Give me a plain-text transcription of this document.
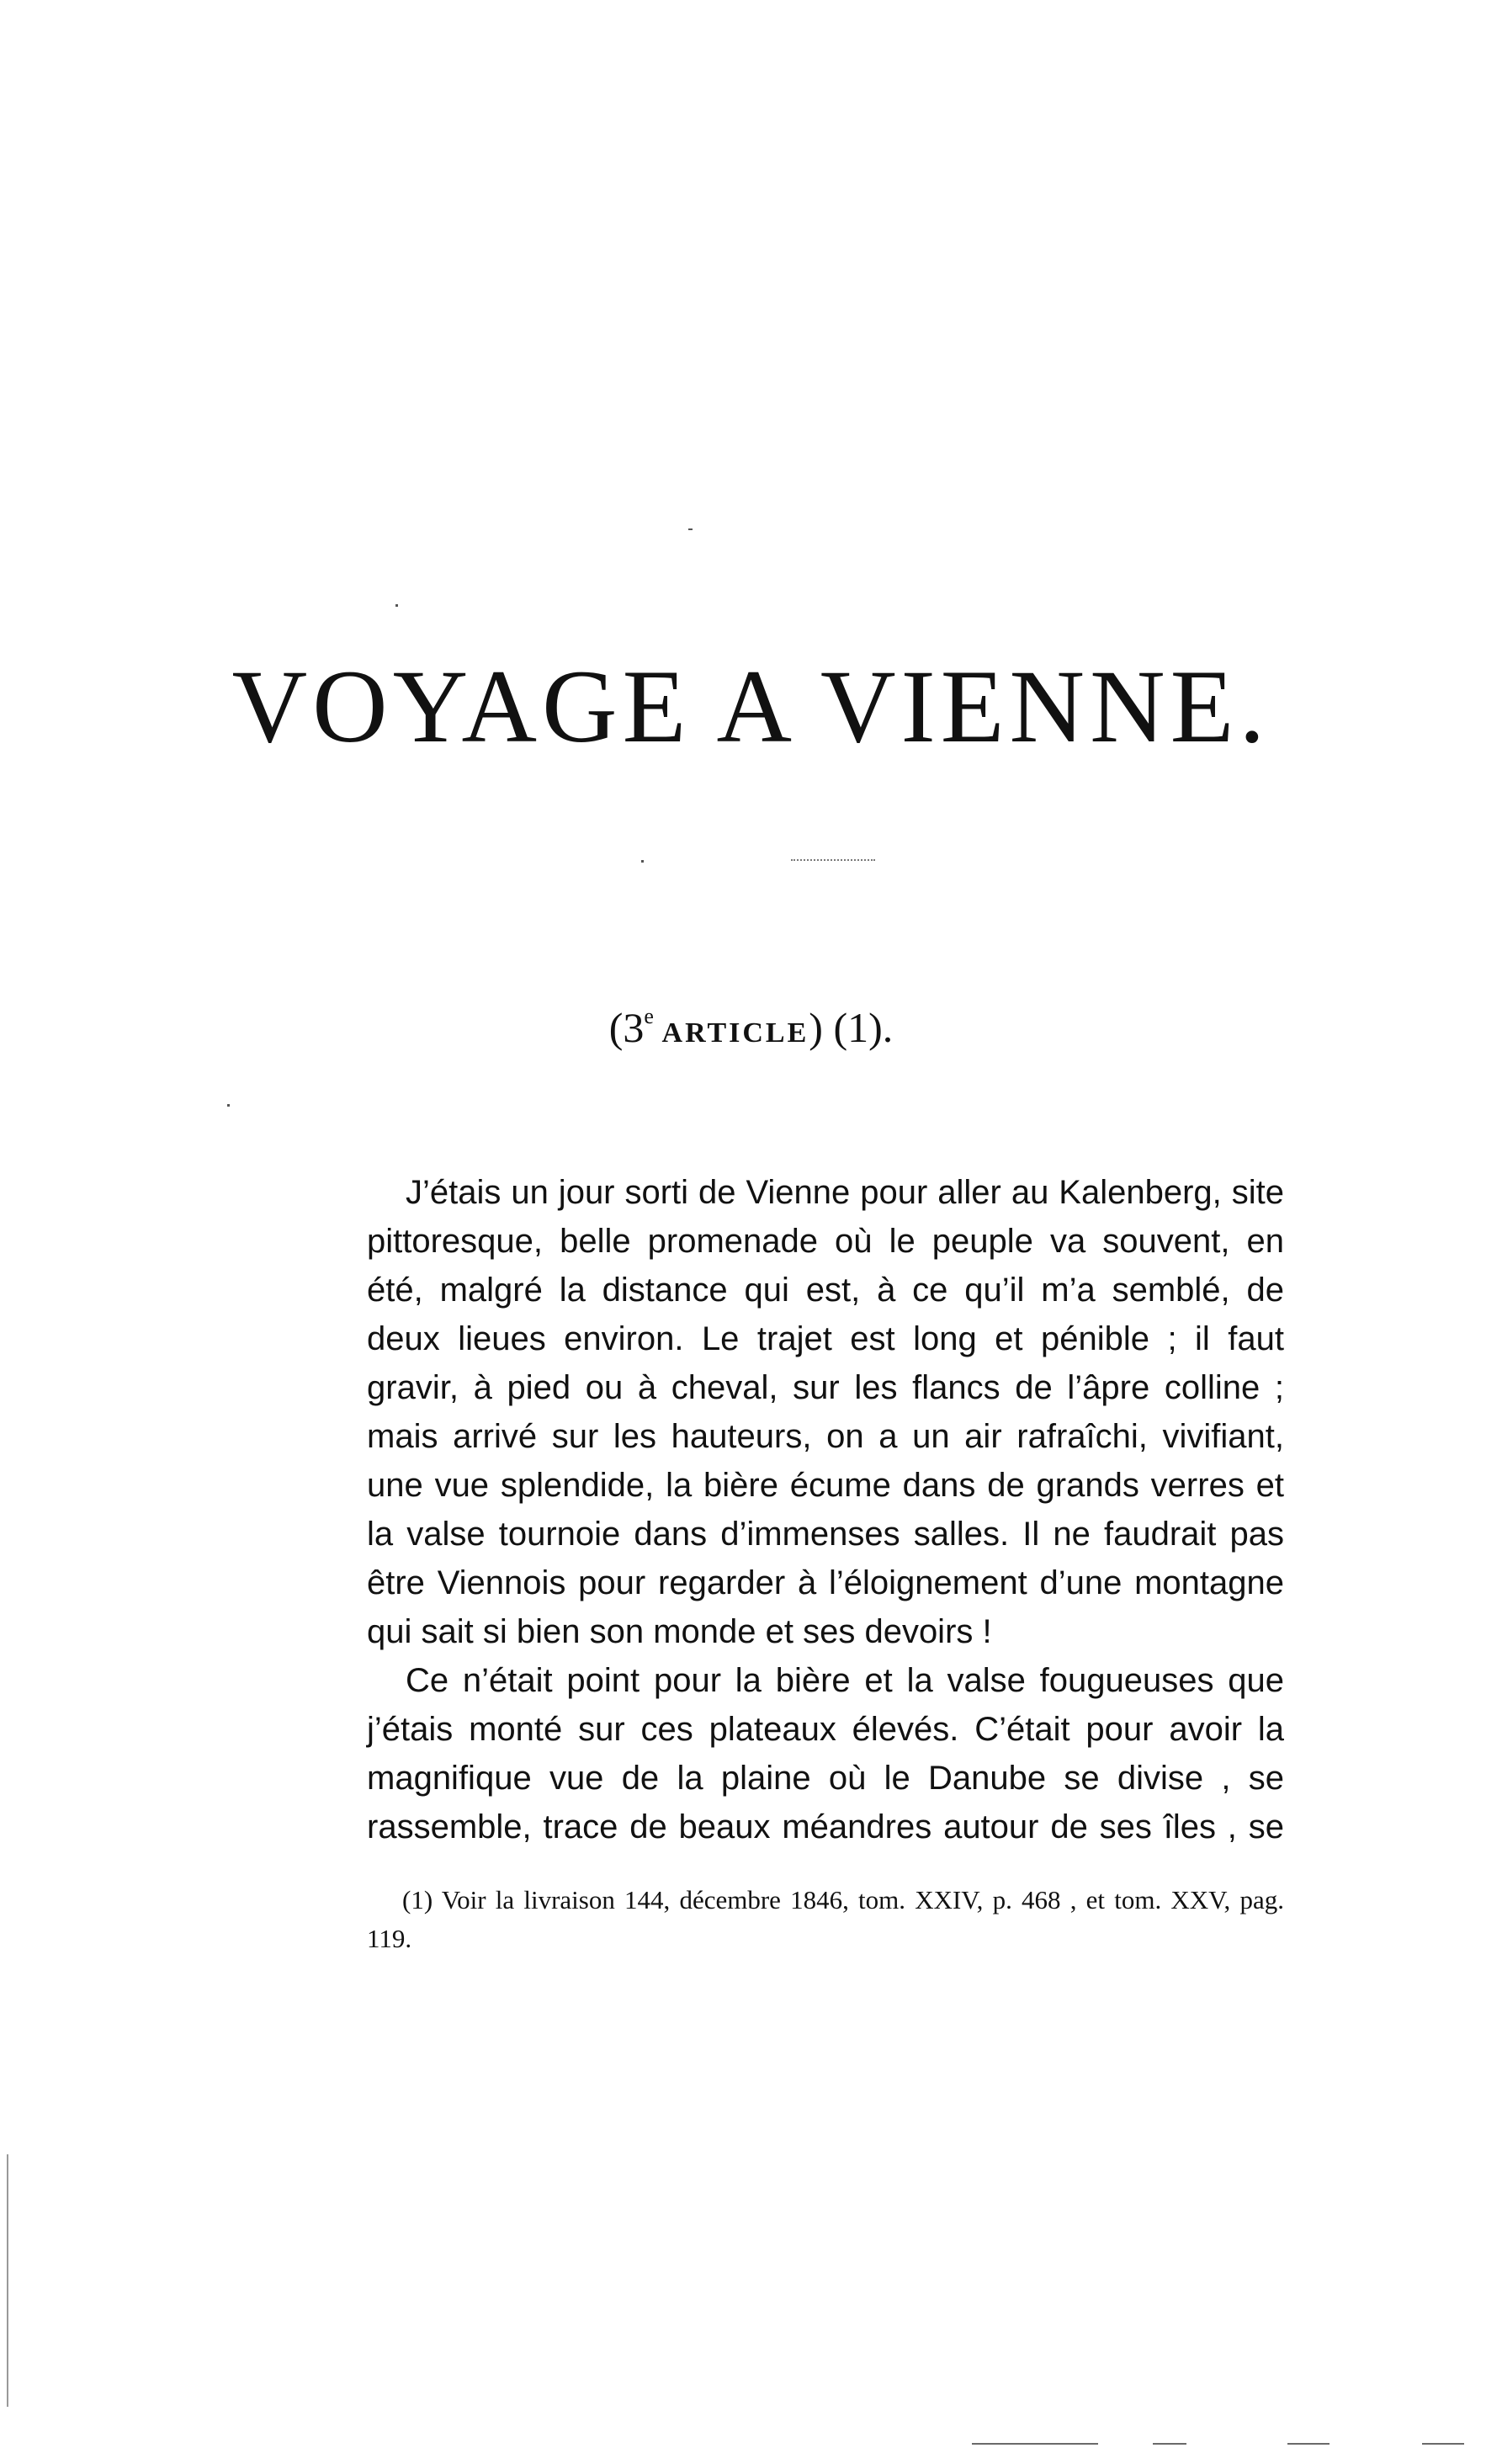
VOYAGE A VIENNE.
(3e ARTICLE) (1).

J’étais un jour sorti de Vienne pour aller au Kalenberg, site pittoresque, belle promenade où le peuple va souvent, en été, malgré la distance qui est, à ce qu’il m’a semblé, de deux lieues environ. Le trajet est long et pénible ; il faut gravir, à pied ou à cheval, sur les flancs de l’âpre colline ; mais arrivé sur les hauteurs, on a un air rafraîchi, vivifiant, une vue splendide, la bière écume dans de grands verres et la valse tournoie dans d’immenses salles. Il ne faudrait pas être Viennois pour regarder à l’éloignement d’une montagne qui sait si bien son monde et ses devoirs !

Ce n’était point pour la bière et la valse fougueuses que j’étais monté sur ces plateaux élevés. C’était pour avoir la magnifique vue de la plaine où le Danube se divise , se rassemble, trace de beaux méandres autour de ses îles , se

(1) Voir la livraison 144, décembre 1846, tom. XXIV, p. 468 , et tom. XXV, pag. 119.
